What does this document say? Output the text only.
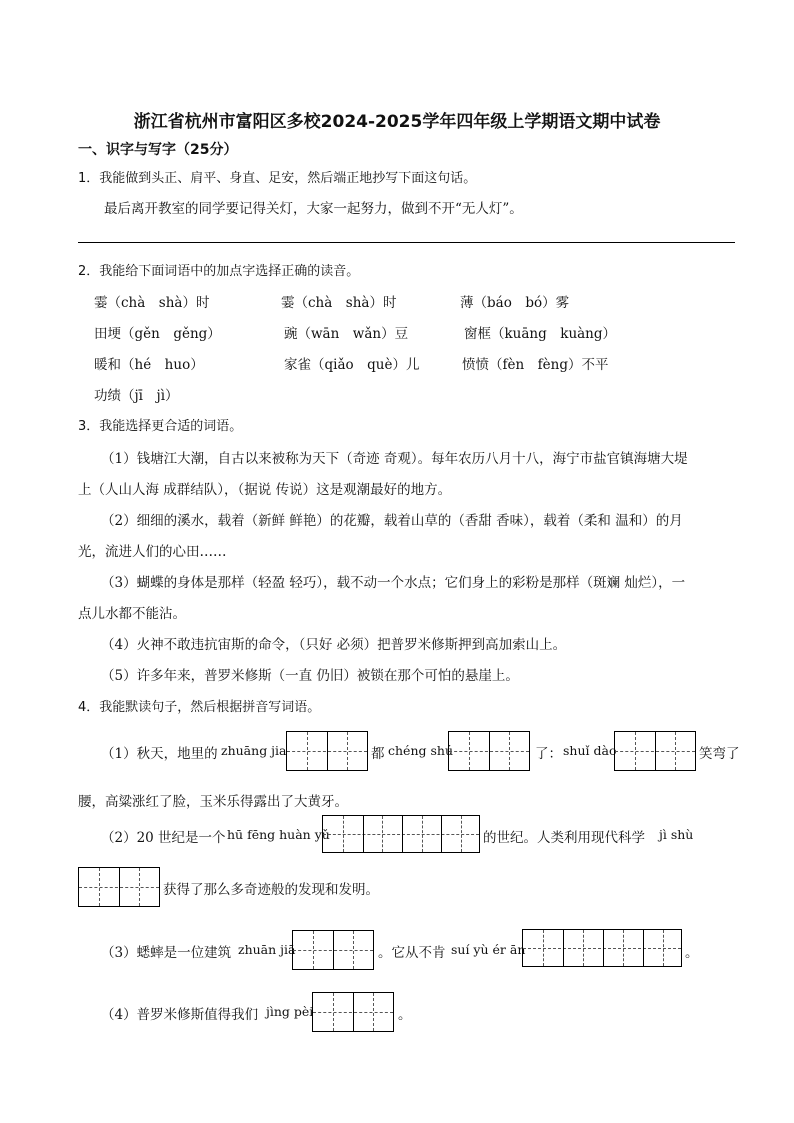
浙江省杭州市富阳区多校2024-2025学年四年级上学期语文期中试卷
一、识字与写字（25分）
1．我能做到头正、肩平、身直、足安，然后端正地抄写下面这句话。
最后离开教室的同学要记得关灯，大家一起努力，做到不开“无人灯”。
2．我能给下面词语中的加点字选择正确的读音。
霎（chà　shà）时	霎（chà　shà）时	薄（báo　bó）雾
田埂（gěn　gěng）	豌（wān　wǎn）豆	窗框（kuāng　kuàng）
暖和（hé　huo）	家雀（qiǎo　què）儿	愤愤（fèn　fèng）不平
功绩（jī　jì）
3．我能选择更合适的词语。
（1）钱塘江大潮，自古以来被称为天下（奇迹 奇观）。每年农历八月十八，海宁市盐官镇海塘大堤
上（人山人海 成群结队），（据说 传说）这是观潮最好的地方。
（2）细细的溪水，载着（新鲜 鲜艳）的花瓣，载着山草的（香甜 香味），载着（柔和 温和）的月
光，流进人们的心田……
（3）蝴蝶的身体是那样（轻盈 轻巧），载不动一个水点；它们身上的彩粉是那样（斑斓 灿烂），一
点儿水都不能沾。
（4）火神不敢违抗宙斯的命令，（只好 必须）把普罗米修斯押到高加索山上。
（5）许多年来，普罗米修斯（一直 仍旧）被锁在那个可怕的悬崖上。
4．我能默读句子，然后根据拼音写词语。
（1）秋天，地里的 zhuāng jia	都 chéng shú	了： shuǐ dào	笑弯了
腰，高粱涨红了脸，玉米乐得露出了大黄牙。
（2）20 世纪是一个 hū fēng huàn yǔ	的世纪。人类利用现代科学 jì shù
获得了那么多奇迹般的发现和发明。
（3）蟋蟀是一位建筑 zhuān jiā	。它从不肯 suí yù ér ān	。
（4）普罗米修斯值得我们 jìng pèi	。
